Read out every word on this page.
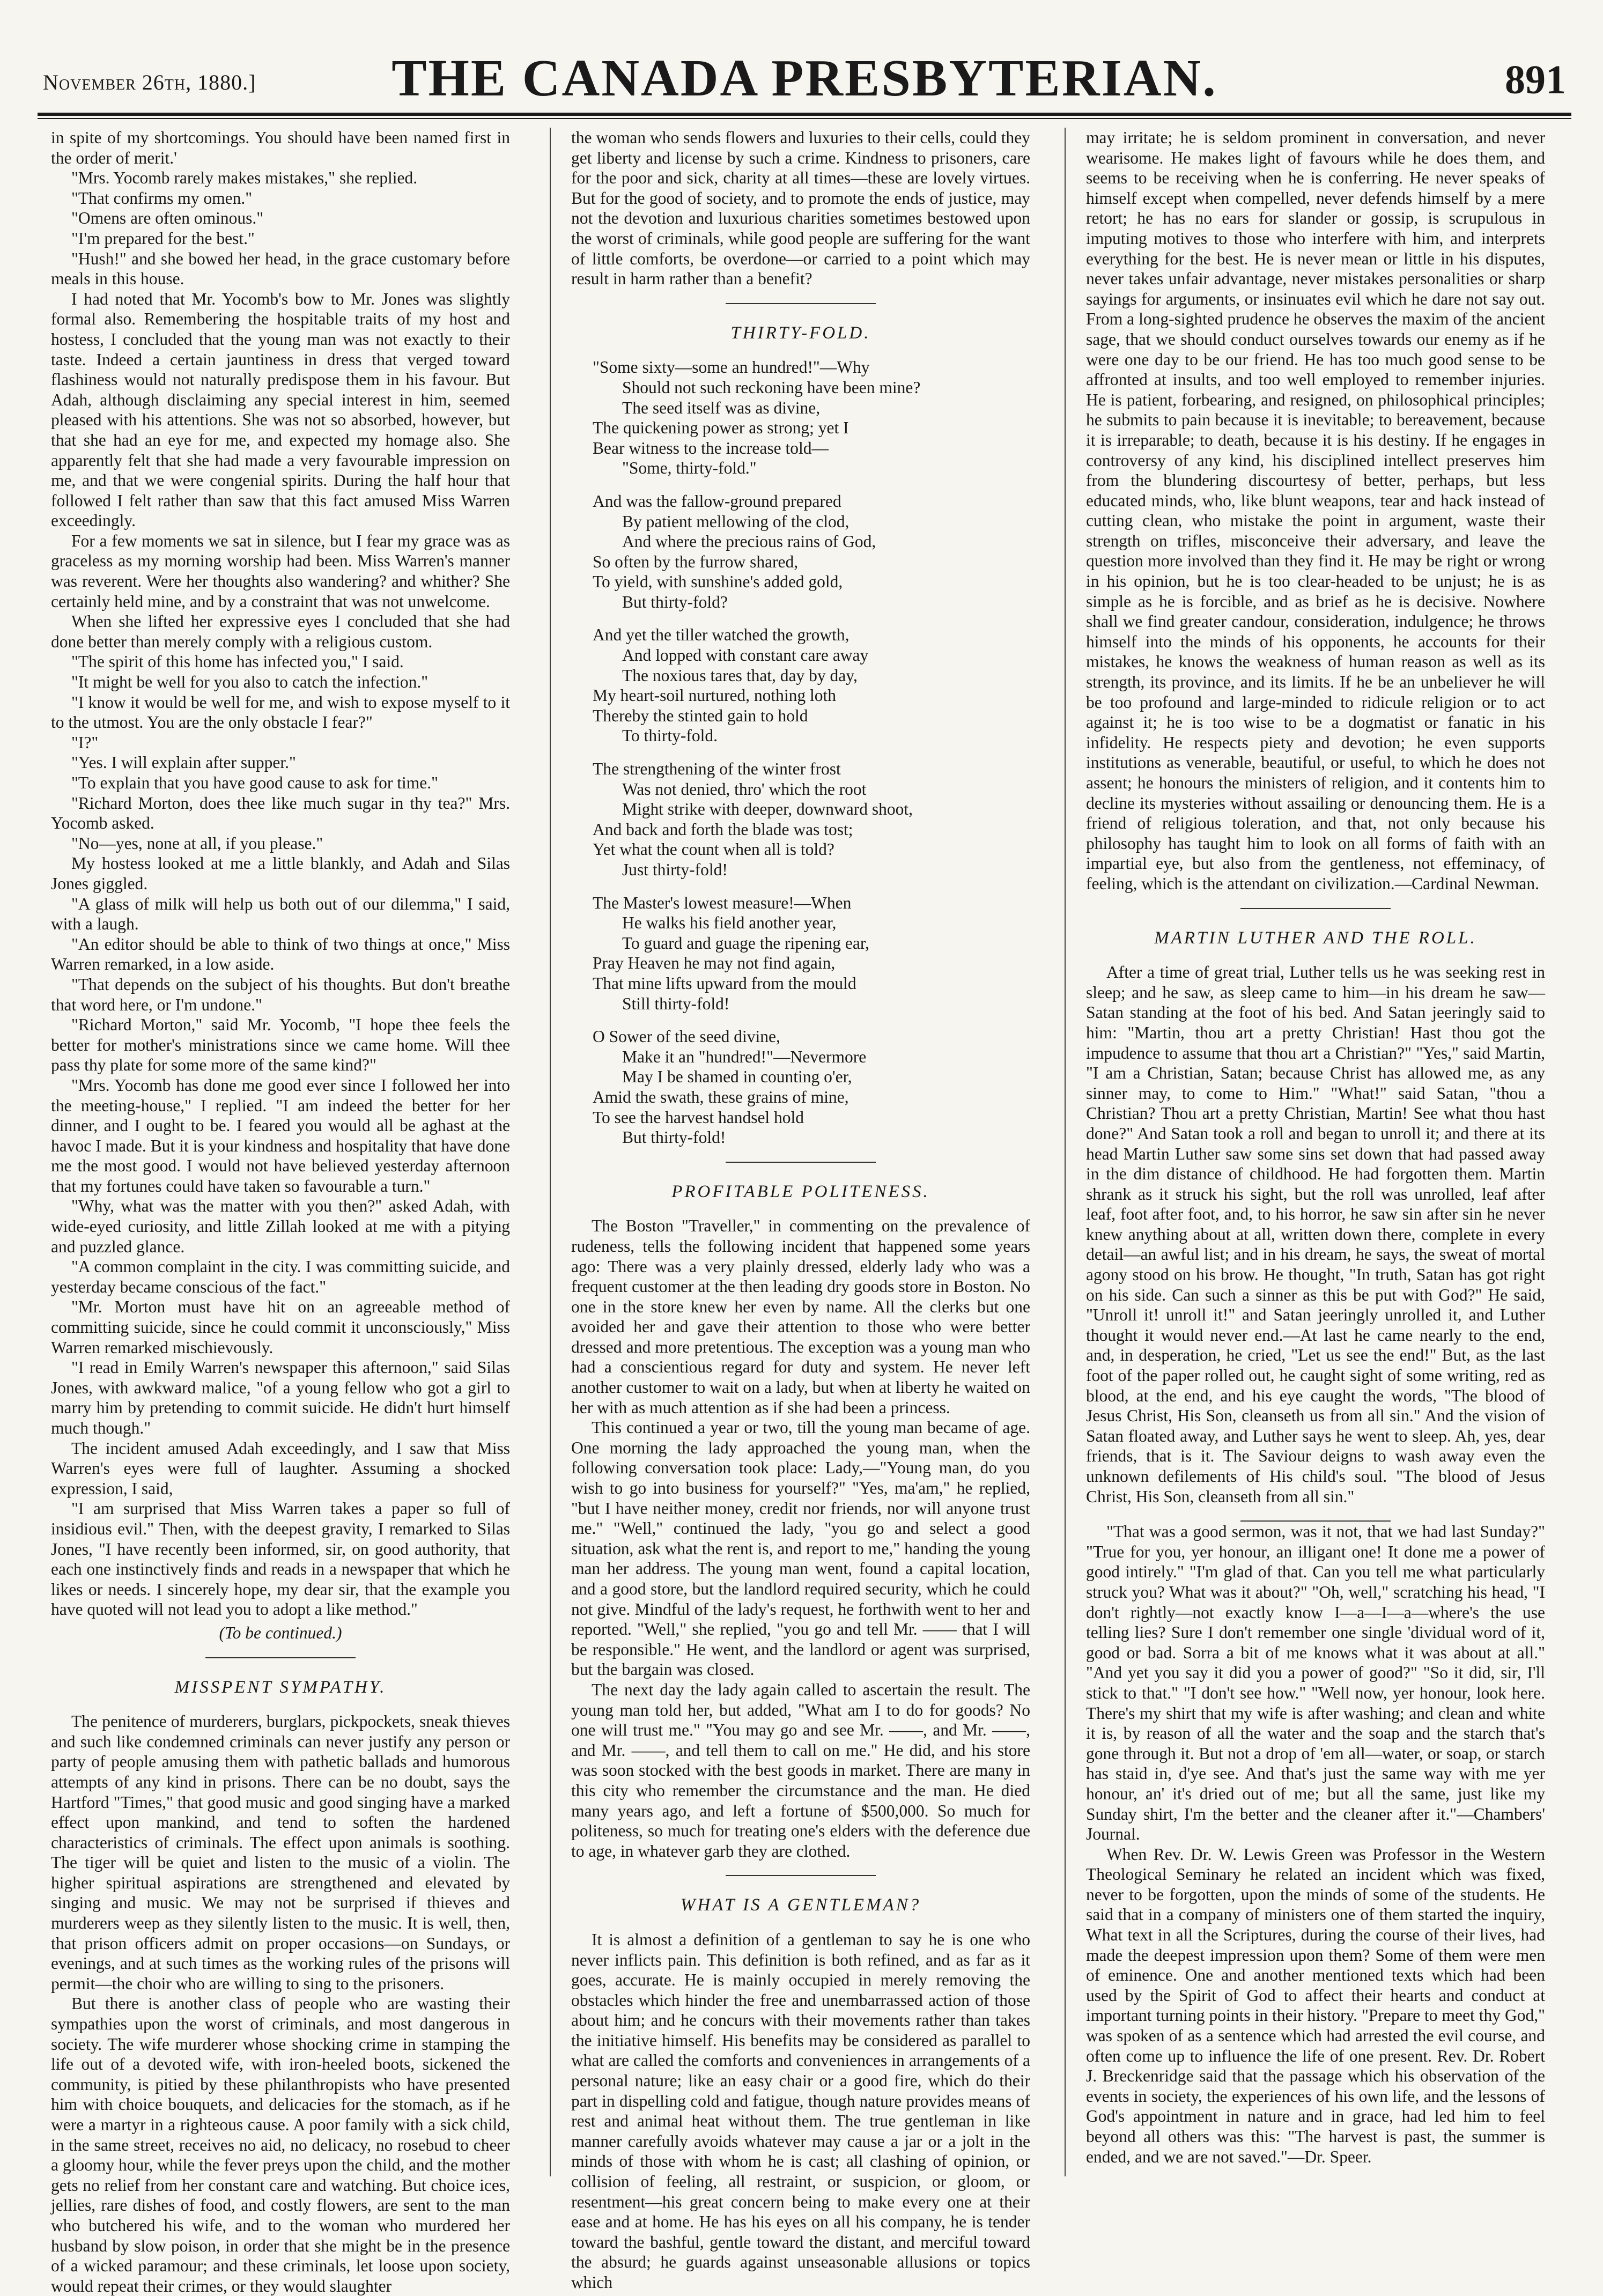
November 26th, 1880.]	THE CANADA PRESBYTERIAN.	891

in spite of my shortcomings. You should have been named first in the order of merit.'

"Mrs. Yocomb rarely makes mistakes," she replied.

"That confirms my omen."

"Omens are often ominous."

"I'm prepared for the best."

"Hush!" and she bowed her head, in the grace customary before meals in this house.

I had noted that Mr. Yocomb's bow to Mr. Jones was slightly formal also. Remembering the hospitable traits of my host and hostess, I concluded that the young man was not exactly to their taste. Indeed a certain jauntiness in dress that verged toward flashiness would not naturally predispose them in his favour. But Adah, although disclaiming any special interest in him, seemed pleased with his attentions. She was not so absorbed, however, but that she had an eye for me, and expected my homage also. She apparently felt that she had made a very favourable impression on me, and that we were congenial spirits. During the half hour that followed I felt rather than saw that this fact amused Miss Warren exceedingly.

For a few moments we sat in silence, but I fear my grace was as graceless as my morning worship had been. Miss Warren's manner was reverent. Were her thoughts also wandering? and whither? She certainly held mine, and by a constraint that was not unwelcome.

When she lifted her expressive eyes I concluded that she had done better than merely comply with a religious custom.

"The spirit of this home has infected you," I said.

"It might be well for you also to catch the infection."

"I know it would be well for me, and wish to expose myself to it to the utmost. You are the only obstacle I fear?"

"I?"

"Yes. I will explain after supper."

"To explain that you have good cause to ask for time."

"Richard Morton, does thee like much sugar in thy tea?" Mrs. Yocomb asked.

"No—yes, none at all, if you please."

My hostess looked at me a little blankly, and Adah and Silas Jones giggled.

"A glass of milk will help us both out of our dilemma," I said, with a laugh.

"An editor should be able to think of two things at once," Miss Warren remarked, in a low aside.

"That depends on the subject of his thoughts. But don't breathe that word here, or I'm undone."

"Richard Morton," said Mr. Yocomb, "I hope thee feels the better for mother's ministrations since we came home. Will thee pass thy plate for some more of the same kind?"

"Mrs. Yocomb has done me good ever since I followed her into the meeting-house," I replied. "I am indeed the better for her dinner, and I ought to be. I feared you would all be aghast at the havoc I made. But it is your kindness and hospitality that have done me the most good. I would not have believed yesterday afternoon that my fortunes could have taken so favourable a turn."

"Why, what was the matter with you then?" asked Adah, with wide-eyed curiosity, and little Zillah looked at me with a pitying and puzzled glance.

"A common complaint in the city. I was committing suicide, and yesterday became conscious of the fact."

"Mr. Morton must have hit on an agreeable method of committing suicide, since he could commit it unconsciously," Miss Warren remarked mischievously.

"I read in Emily Warren's newspaper this afternoon," said Silas Jones, with awkward malice, "of a young fellow who got a girl to marry him by pretending to commit suicide. He didn't hurt himself much though."

The incident amused Adah exceedingly, and I saw that Miss Warren's eyes were full of laughter. Assuming a shocked expression, I said,

"I am surprised that Miss Warren takes a paper so full of insidious evil." Then, with the deepest gravity, I remarked to Silas Jones, "I have recently been informed, sir, on good authority, that each one instinctively finds and reads in a newspaper that which he likes or needs. I sincerely hope, my dear sir, that the example you have quoted will not lead you to adopt a like method."

(To be continued.)
MISSPENT SYMPATHY.

The penitence of murderers, burglars, pickpockets, sneak thieves and such like condemned criminals can never justify any person or party of people amusing them with pathetic ballads and humorous attempts of any kind in prisons. There can be no doubt, says the Hartford "Times," that good music and good singing have a marked effect upon mankind, and tend to soften the hardened characteristics of criminals. The effect upon animals is soothing. The tiger will be quiet and listen to the music of a violin. The higher spiritual aspirations are strengthened and elevated by singing and music. We may not be surprised if thieves and murderers weep as they silently listen to the music. It is well, then, that prison officers admit on proper occasions—on Sundays, or evenings, and at such times as the working rules of the prisons will permit—the choir who are willing to sing to the prisoners.

But there is another class of people who are wasting their sympathies upon the worst of criminals, and most dangerous in society. The wife murderer whose shocking crime in stamping the life out of a devoted wife, with iron-heeled boots, sickened the community, is pitied by these philanthropists who have presented him with choice bouquets, and delicacies for the stomach, as if he were a martyr in a righteous cause. A poor family with a sick child, in the same street, receives no aid, no delicacy, no rosebud to cheer a gloomy hour, while the fever preys upon the child, and the mother gets no relief from her constant care and watching. But choice ices, jellies, rare dishes of food, and costly flowers, are sent to the man who butchered his wife, and to the woman who murdered her husband by slow poison, in order that she might be in the presence of a wicked paramour; and these criminals, let loose upon society, would repeat their crimes, or they would slaughter

the woman who sends flowers and luxuries to their cells, could they get liberty and license by such a crime. Kindness to prisoners, care for the poor and sick, charity at all times—these are lovely virtues. But for the good of society, and to promote the ends of justice, may not the devotion and luxurious charities sometimes bestowed upon the worst of criminals, while good people are suffering for the want of little comforts, be overdone—or carried to a point which may result in harm rather than a benefit?

THIRTY-FOLD.
"Some sixty—some an hundred!"—Why
Should not such reckoning have been mine?
The seed itself was as divine,
The quickening power as strong; yet I
Bear witness to the increase told—
"Some, thirty-fold."
And was the fallow-ground prepared
By patient mellowing of the clod,
And where the precious rains of God,
So often by the furrow shared,
To yield, with sunshine's added gold,
But thirty-fold?
And yet the tiller watched the growth,
And lopped with constant care away
The noxious tares that, day by day,
My heart-soil nurtured, nothing loth
Thereby the stinted gain to hold
To thirty-fold.
The strengthening of the winter frost
Was not denied, thro' which the root
Might strike with deeper, downward shoot,
And back and forth the blade was tost;
Yet what the count when all is told?
Just thirty-fold!
The Master's lowest measure!—When
He walks his field another year,
To guard and guage the ripening ear,
Pray Heaven he may not find again,
That mine lifts upward from the mould
Still thirty-fold!
O Sower of the seed divine,
Make it an "hundred!"—Nevermore
May I be shamed in counting o'er,
Amid the swath, these grains of mine,
To see the harvest handsel hold
But thirty-fold!
PROFITABLE POLITENESS.

The Boston "Traveller," in commenting on the prevalence of rudeness, tells the following incident that happened some years ago: There was a very plainly dressed, elderly lady who was a frequent customer at the then leading dry goods store in Boston. No one in the store knew her even by name. All the clerks but one avoided her and gave their attention to those who were better dressed and more pretentious. The exception was a young man who had a conscientious regard for duty and system. He never left another customer to wait on a lady, but when at liberty he waited on her with as much attention as if she had been a princess.

This continued a year or two, till the young man became of age. One morning the lady approached the young man, when the following conversation took place: Lady,—"Young man, do you wish to go into business for yourself?" "Yes, ma'am," he replied, "but I have neither money, credit nor friends, nor will anyone trust me." "Well," continued the lady, "you go and select a good situation, ask what the rent is, and report to me," handing the young man her address. The young man went, found a capital location, and a good store, but the landlord required security, which he could not give. Mindful of the lady's request, he forthwith went to her and reported. "Well," she replied, "you go and tell Mr. —— that I will be responsible." He went, and the landlord or agent was surprised, but the bargain was closed.

The next day the lady again called to ascertain the result. The young man told her, but added, "What am I to do for goods? No one will trust me." "You may go and see Mr. ——, and Mr. ——, and Mr. ——, and tell them to call on me." He did, and his store was soon stocked with the best goods in market. There are many in this city who remember the circumstance and the man. He died many years ago, and left a fortune of $500,000. So much for politeness, so much for treating one's elders with the deference due to age, in whatever garb they are clothed.

WHAT IS A GENTLEMAN?

It is almost a definition of a gentleman to say he is one who never inflicts pain. This definition is both refined, and as far as it goes, accurate. He is mainly occupied in merely removing the obstacles which hinder the free and unembarrassed action of those about him; and he concurs with their movements rather than takes the initiative himself. His benefits may be considered as parallel to what are called the comforts and conveniences in arrangements of a personal nature; like an easy chair or a good fire, which do their part in dispelling cold and fatigue, though nature provides means of rest and animal heat without them. The true gentleman in like manner carefully avoids whatever may cause a jar or a jolt in the minds of those with whom he is cast; all clashing of opinion, or collision of feeling, all restraint, or suspicion, or gloom, or resentment—his great concern being to make every one at their ease and at home. He has his eyes on all his company, he is tender toward the bashful, gentle toward the distant, and merciful toward the absurd; he guards against unseasonable allusions or topics which

may irritate; he is seldom prominent in conversation, and never wearisome. He makes light of favours while he does them, and seems to be receiving when he is conferring. He never speaks of himself except when compelled, never defends himself by a mere retort; he has no ears for slander or gossip, is scrupulous in imputing motives to those who interfere with him, and interprets everything for the best. He is never mean or little in his disputes, never takes unfair advantage, never mistakes personalities or sharp sayings for arguments, or insinuates evil which he dare not say out. From a long-sighted prudence he observes the maxim of the ancient sage, that we should conduct ourselves towards our enemy as if he were one day to be our friend. He has too much good sense to be affronted at insults, and too well employed to remember injuries. He is patient, forbearing, and resigned, on philosophical principles; he submits to pain because it is inevitable; to bereavement, because it is irreparable; to death, because it is his destiny. If he engages in controversy of any kind, his disciplined intellect preserves him from the blundering discourtesy of better, perhaps, but less educated minds, who, like blunt weapons, tear and hack instead of cutting clean, who mistake the point in argument, waste their strength on trifles, misconceive their adversary, and leave the question more involved than they find it. He may be right or wrong in his opinion, but he is too clear-headed to be unjust; he is as simple as he is forcible, and as brief as he is decisive. Nowhere shall we find greater candour, consideration, indulgence; he throws himself into the minds of his opponents, he accounts for their mistakes, he knows the weakness of human reason as well as its strength, its province, and its limits. If he be an unbeliever he will be too profound and large-minded to ridicule religion or to act against it; he is too wise to be a dogmatist or fanatic in his infidelity. He respects piety and devotion; he even supports institutions as venerable, beautiful, or useful, to which he does not assent; he honours the ministers of religion, and it contents him to decline its mysteries without assailing or denouncing them. He is a friend of religious toleration, and that, not only because his philosophy has taught him to look on all forms of faith with an impartial eye, but also from the gentleness, not effeminacy, of feeling, which is the attendant on civilization.—Cardinal Newman.

MARTIN LUTHER AND THE ROLL.

After a time of great trial, Luther tells us he was seeking rest in sleep; and he saw, as sleep came to him—in his dream he saw—Satan standing at the foot of his bed. And Satan jeeringly said to him: "Martin, thou art a pretty Christian! Hast thou got the impudence to assume that thou art a Christian?" "Yes," said Martin, "I am a Christian, Satan; because Christ has allowed me, as any sinner may, to come to Him." "What!" said Satan, "thou a Christian? Thou art a pretty Christian, Martin! See what thou hast done?" And Satan took a roll and began to unroll it; and there at its head Martin Luther saw some sins set down that had passed away in the dim distance of childhood. He had forgotten them. Martin shrank as it struck his sight, but the roll was unrolled, leaf after leaf, foot after foot, and, to his horror, he saw sin after sin he never knew anything about at all, written down there, complete in every detail—an awful list; and in his dream, he says, the sweat of mortal agony stood on his brow. He thought, "In truth, Satan has got right on his side. Can such a sinner as this be put with God?" He said, "Unroll it! unroll it!" and Satan jeeringly unrolled it, and Luther thought it would never end.—At last he came nearly to the end, and, in desperation, he cried, "Let us see the end!" But, as the last foot of the paper rolled out, he caught sight of some writing, red as blood, at the end, and his eye caught the words, "The blood of Jesus Christ, His Son, cleanseth us from all sin." And the vision of Satan floated away, and Luther says he went to sleep. Ah, yes, dear friends, that is it. The Saviour deigns to wash away even the unknown defilements of His child's soul. "The blood of Jesus Christ, His Son, cleanseth from all sin."

"That was a good sermon, was it not, that we had last Sunday?" "True for you, yer honour, an illigant one! It done me a power of good intirely." "I'm glad of that. Can you tell me what particularly struck you? What was it about?" "Oh, well," scratching his head, "I don't rightly—not exactly know I—a—I—a—where's the use telling lies? Sure I don't remember one single 'dividual word of it, good or bad. Sorra a bit of me knows what it was about at all." "And yet you say it did you a power of good?" "So it did, sir, I'll stick to that." "I don't see how." "Well now, yer honour, look here. There's my shirt that my wife is after washing; and clean and white it is, by reason of all the water and the soap and the starch that's gone through it. But not a drop of 'em all—water, or soap, or starch has staid in, d'ye see. And that's just the same way with me yer honour, an' it's dried out of me; but all the same, just like my Sunday shirt, I'm the better and the cleaner after it."—Chambers' Journal.

When Rev. Dr. W. Lewis Green was Professor in the Western Theological Seminary he related an incident which was fixed, never to be forgotten, upon the minds of some of the students. He said that in a company of ministers one of them started the inquiry, What text in all the Scriptures, during the course of their lives, had made the deepest impression upon them? Some of them were men of eminence. One and another mentioned texts which had been used by the Spirit of God to affect their hearts and conduct at important turning points in their history. "Prepare to meet thy God," was spoken of as a sentence which had arrested the evil course, and often come up to influence the life of one present. Rev. Dr. Robert J. Breckenridge said that the passage which his observation of the events in society, the experiences of his own life, and the lessons of God's appointment in nature and in grace, had led him to feel beyond all others was this: "The harvest is past, the summer is ended, and we are not saved."—Dr. Speer.
